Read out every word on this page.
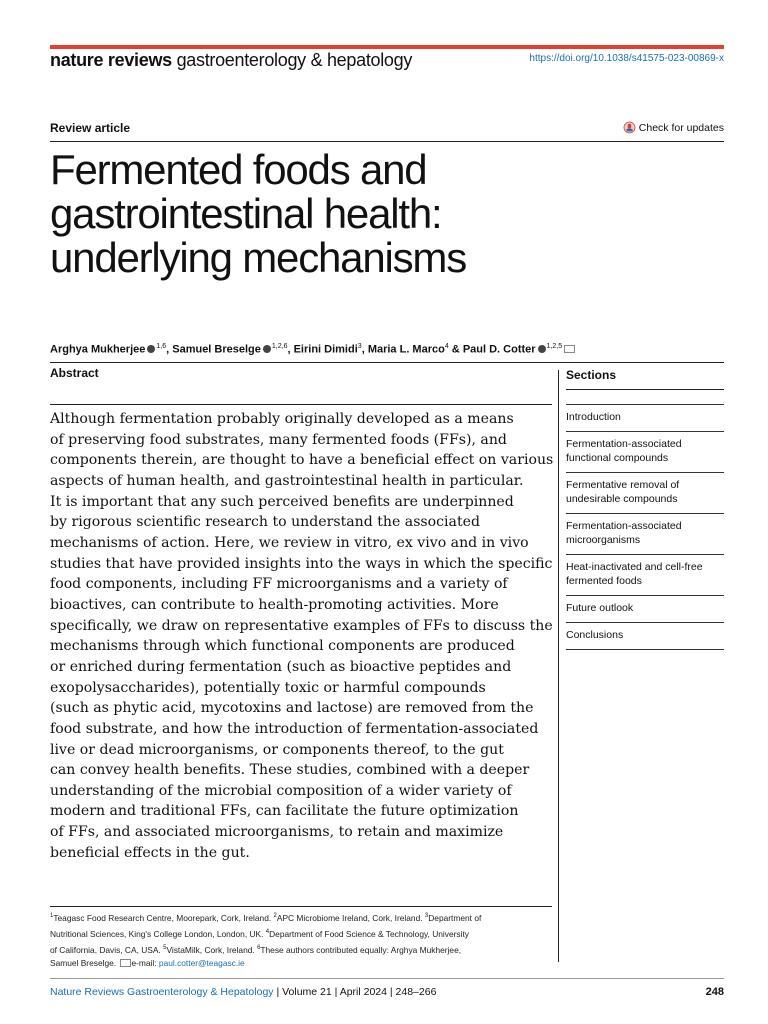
nature reviews gastroenterology & hepatology	https://doi.org/10.1038/s41575-023-00869-x
Review article	Check for updates
Fermented foods and
gastrointestinal health:
underlying mechanisms
Arghya Mukherjee $^{1,6}$, Samuel Breselge $^{1,2,6}$, Eirini Dimidi$^3$, Maria L. Marco$^4$ & Paul D. Cotter $^{1,2,5}$
Abstract
Although fermentation probably originally developed as a means
of preserving food substrates, many fermented foods (FFs), and
components therein, are thought to have a beneficial effect on various
aspects of human health, and gastrointestinal health in particular.
It is important that any such perceived benefits are underpinned
by rigorous scientific research to understand the associated
mechanisms of action. Here, we review in vitro, ex vivo and in vivo
studies that have provided insights into the ways in which the specific
food components, including FF microorganisms and a variety of
bioactives, can contribute to health-promoting activities. More
specifically, we draw on representative examples of FFs to discuss the
mechanisms through which functional components are produced
or enriched during fermentation (such as bioactive peptides and
exopolysaccharides), potentially toxic or harmful compounds
(such as phytic acid, mycotoxins and lactose) are removed from the
food substrate, and how the introduction of fermentation-associated
live or dead microorganisms, or components thereof, to the gut
can convey health benefits. These studies, combined with a deeper
understanding of the microbial composition of a wider variety of
modern and traditional FFs, can facilitate the future optimization
of FFs, and associated microorganisms, to retain and maximize
beneficial effects in the gut.
Sections
Introduction
Fermentation-associated functional compounds
Fermentative removal of undesirable compounds
Fermentation-associated microorganisms
Heat-inactivated and cell-free fermented foods
Future outlook
Conclusions
$^1$Teagasc Food Research Centre, Moorepark, Cork, Ireland. $^2$APC Microbiome Ireland, Cork, Ireland. $^3$Department of
Nutritional Sciences, King's College London, London, UK. $^4$Department of Food Science & Technology, University
of California, Davis, CA, USA. $^5$VistaMilk, Cork, Ireland. $^6$These authors contributed equally: Arghya Mukherjee,
Samuel Breselge. e-mail: paul.cotter@teagasc.ie
Nature Reviews Gastroenterology & Hepatology | Volume 21 | April 2024 | 248–266	248
